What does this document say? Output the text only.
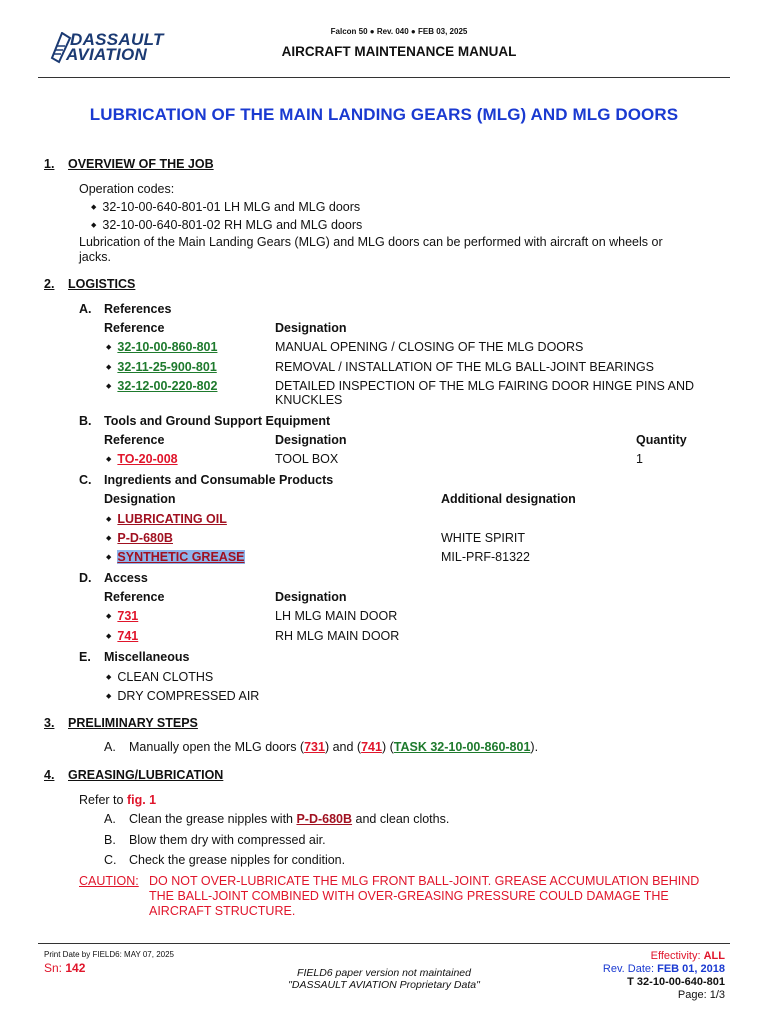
DASSAULT
AVIATION
Falcon 50 ● Rev. 040 ● FEB 03, 2025
AIRCRAFT MAINTENANCE MANUAL
LUBRICATION OF THE MAIN LANDING GEARS (MLG) AND MLG DOORS
1. OVERVIEW OF THE JOB
Operation codes:
◆ 32-10-00-640-801-01 LH MLG and MLG doors
◆ 32-10-00-640-801-02 RH MLG and MLG doors
Lubrication of the Main Landing Gears (MLG) and MLG doors can be performed with aircraft on wheels or
jacks.
2. LOGISTICS
A. References
Reference	Designation
◆ 32-10-00-860-801	MANUAL OPENING / CLOSING OF THE MLG DOORS
◆ 32-11-25-900-801	REMOVAL / INSTALLATION OF THE MLG BALL-JOINT BEARINGS
◆ 32-12-00-220-802	DETAILED INSPECTION OF THE MLG FAIRING DOOR HINGE PINS AND
KNUCKLES
B. Tools and Ground Support Equipment
Reference	Designation	Quantity
◆ TO-20-008	TOOL BOX	1
C. Ingredients and Consumable Products
Designation	Additional designation
◆ LUBRICATING OIL
◆ P-D-680B	WHITE SPIRIT
◆ SYNTHETIC GREASE	MIL-PRF-81322
D. Access
Reference	Designation
◆ 731	LH MLG MAIN DOOR
◆ 741	RH MLG MAIN DOOR
E. Miscellaneous
◆ CLEAN CLOTHS
◆ DRY COMPRESSED AIR
3. PRELIMINARY STEPS
A. Manually open the MLG doors (731) and (741) (TASK 32-10-00-860-801).
4. GREASING/LUBRICATION
Refer to fig. 1
A. Clean the grease nipples with P-D-680B and clean cloths.
B. Blow them dry with compressed air.
C. Check the grease nipples for condition.
CAUTION: DO NOT OVER-LUBRICATE THE MLG FRONT BALL-JOINT. GREASE ACCUMULATION BEHIND
THE BALL-JOINT COMBINED WITH OVER-GREASING PRESSURE COULD DAMAGE THE
AIRCRAFT STRUCTURE.
Print Date by FIELD6: MAY 07, 2025
Sn: 142	FIELD6 paper version not maintained
"DASSAULT AVIATION Proprietary Data"
Effectivity: ALL
Rev. Date: FEB 01, 2018
T 32-10-00-640-801
Page: 1/3
